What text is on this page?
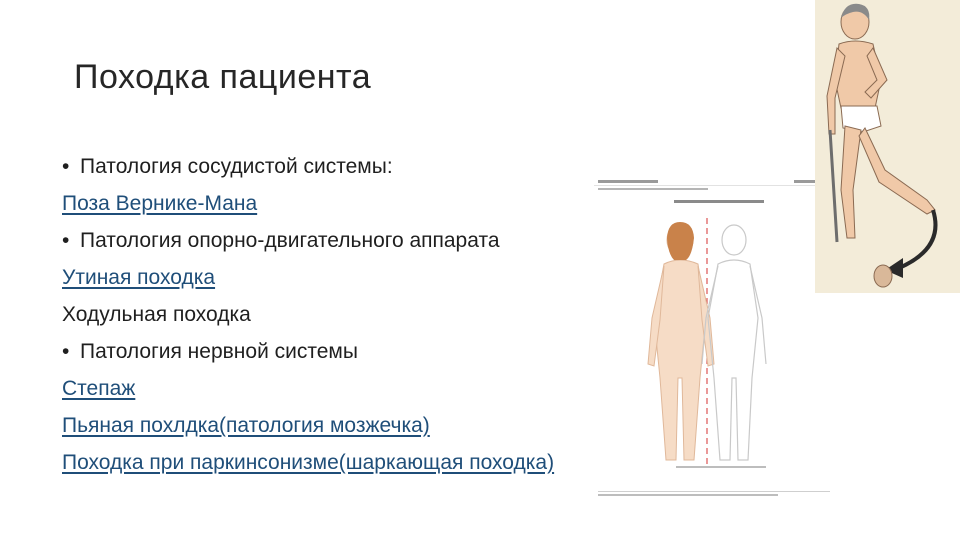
Походка пациента
• Патология сосудистой системы:
Поза Вернике-Мана
• Патология опорно-двигательного аппарата
Утиная походка
Ходульная походка
• Патология нервной системы
Степаж
Пьяная похлдка(патология мозжечка)
Походка при паркинсонизме(шаркающая походка)
